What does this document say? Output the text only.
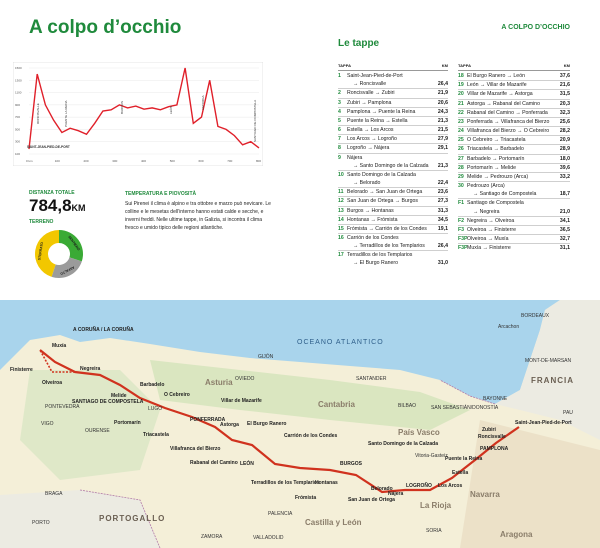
A colpo d’occhio	A COLPO D’OCCHIO
1500
1300
1100
900
700
500
300
100
0 km	100	200	300	400	500	600	700	800
SAINT-JEAN-PIED-DE-PORT
RONCISVALLE	PUENTE LA REINA	BURGOS	LEÓN	ASTORGA	SANTIAGO DE COMPOSTELA
DISTANZA TOTALE
784,8KM
TERRENO
SENTIERO
ASFALTO
STERRATO
TEMPERATURA E PIOVOSITÀ
Sui Pirenei il clima è alpino e tra ottobre e marzo può nevicare. Le colline e le mesetas dell’interno hanno estati calde e secche, e inverni freddi. Nelle ultime tappe, in Galizia, si incontra il clima fresco e umido tipico delle regioni atlantiche.
Le tappe
TAPPA	KM
1	Saint-Jean-Pied-de-Port
→ Roncisvalle	26,4
2	Roncisvalle → Zubiri	21,9
3	Zubiri → Pamplona	20,6
4	Pamplona → Puente la Reina	24,3
5	Puente la Reina → Estella	21,3
6	Estella → Los Arcos	21,5
7	Los Arcos → Logroño	27,9
8	Logroño → Nájera	29,1
9	Nájera
→ Santo Domingo de la Calzada	21,3
10 Santo Domingo de la Calzada
→ Belorado	22,4
11 Belorado → San Juan de Ortega	23,6
12 San Juan de Ortega → Burgos	27,3
13 Burgos → Hontanas	31,3
14 Hontanas → Frómista	34,5
15 Frómista → Carrión de los Condes	19,1
16 Carrión de los Condes
→ Terradillos de los Templarios	26,4
17 Terradillos de los Templarios
→ El Burgo Ranero	31,0
TAPPA	KM
18 El Burgo Ranero → León	37,6
19 León → Villar de Mazarife	21,6
20 Villar de Mazarife → Astorga	31,5
21 Astorga → Rabanal del Camino	20,3
22 Rabanal del Camino → Ponferrada	32,3
23 Ponferrada → Villafranca del Bierzo	25,6
24 Villafranca del Bierzo → O Cebreiro	28,2
25 O Cebreiro → Triacastela	20,9
26 Triacastela → Barbadelo	28,9
27 Barbadelo → Portomarín	18,0
28 Portomarín → Melide	39,6
29 Melide → Pedrouzo (Arca)	33,2
30 Pedrouzo (Arca)
→ Santiago de Compostela	18,7
F1 Santiago de Compostela
→ Negreira	21,0
F2 Negreira → Olveiroa	34,1
F3 Olveiroa → Finisterre	36,5
F3P Olveiroa → Muxía	32,7
F3P Muxía → Finisterre	31,1
OCEANO ATLANTICO
Asturia
Cantabria
País Vasco
Navarra
La Rioja
Castilla y León
Aragona
PORTOGALLO
FRANCIA
A CORUÑA / LA CORUÑA
Finisterre
Muxía
Olveiroa
Negreira
SANTIAGO DE COMPOSTELA
Melide
Portomarín
Barbadelo
Triacastela
O Cebreiro
Villafranca del Bierzo
PONFERRADA
Rabanal del Camino
Astorga
Villar de Mazarife
LEÓN
El Burgo Ranero
Terradillos de los Templarios
Carrión de los Condes
Frómista
Hontanas
BURGOS
San Juan de Ortega
Belorado
Santo Domingo de la Calzada
Nájera
LOGROÑO Los Arcos
Estella
Puente la Reina
PAMPLONA
Zubiri
Roncisvalle
Saint-Jean-Pied-de-Port
OVIEDO
GIJÓN
SANTANDER
BILBAO	SAN SEBASTIÁN/DONOSTIA
Vitoria-Gasteiz
BAYONNE
BORDEAUX
Arcachon
MONT-DE-MARSAN
PAU
LUGO
OURENSE
VIGO
PONTEVEDRA
BRAGA
PORTO
ZAMORA
PALENCIA
VALLADOLID
SORIA
